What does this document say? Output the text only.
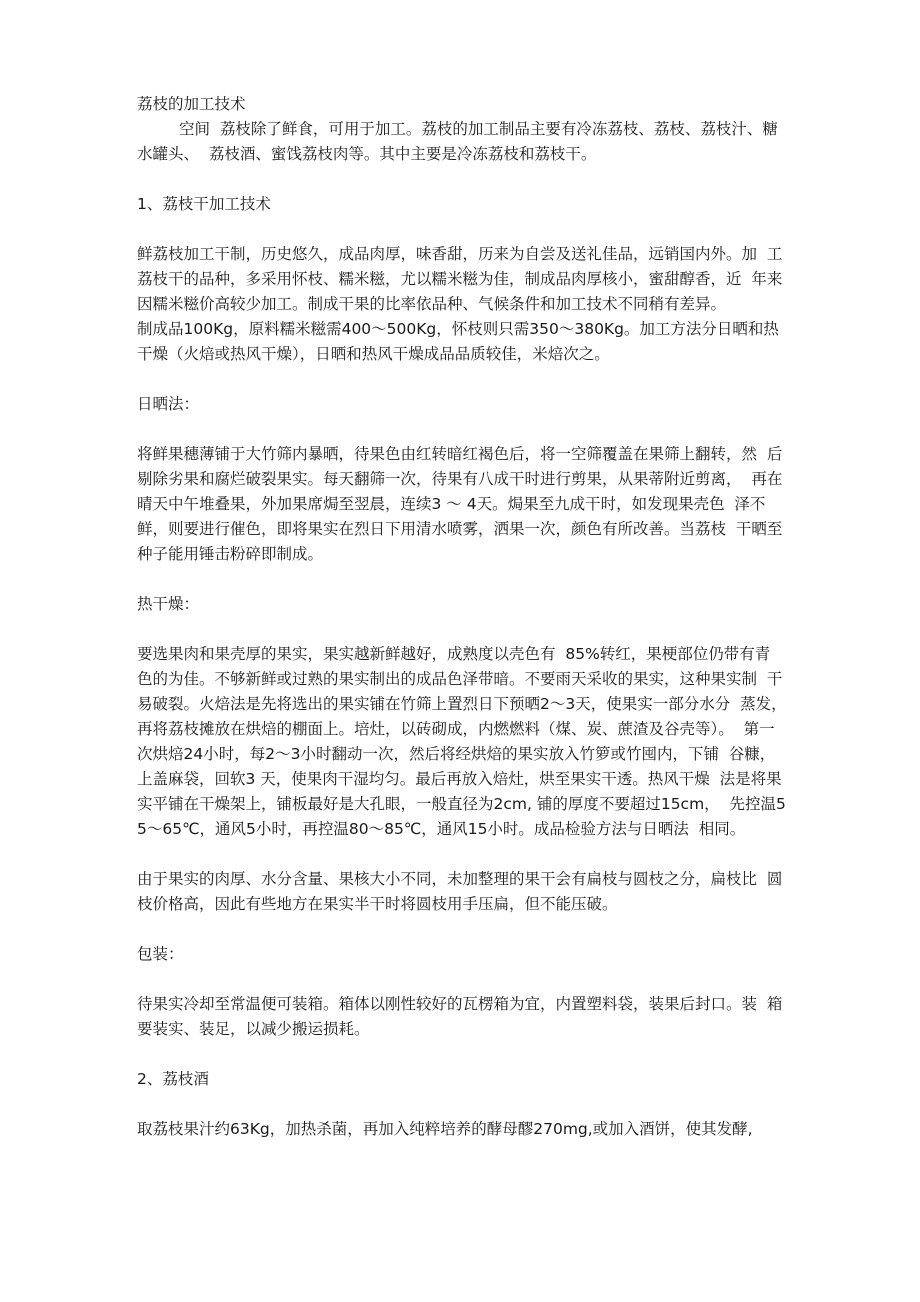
荔枝的加工技术

空间  荔枝除了鲜食，可用于加工。荔枝的加工制品主要有冷冻荔枝、荔枝、荔枝汁、糖水罐头、  荔枝酒、蜜饯荔枝肉等。其中主要是冷冻荔枝和荔枝干。

1、荔枝干加工技术

鲜荔枝加工干制，历史悠久，成品肉厚，味香甜，历来为自尝及送礼佳品，远销国内外。加  工荔枝干的品种，多采用怀枝、糯米糍，尤以糯米糍为佳，制成品肉厚核小，蜜甜醇香，近  年来因糯米糍价高较少加工。制成干果的比率依品种、气候条件和加工技术不同稍有差异。

制成品100Kg，原料糯米糍需400～500Kg，怀枝则只需350～380Kg。加工方法分日晒和热  干燥（火焙或热风干燥），日晒和热风干燥成品品质较佳，米焙次之。

日晒法：

将鲜果穗薄铺于大竹筛内暴晒，待果色由红转暗红褐色后，将一空筛覆盖在果筛上翻转，然  后剔除劣果和腐烂破裂果实。每天翻筛一次，待果有八成干时进行剪果，从果蒂附近剪离，  再在晴天中午堆叠果，外加果席焗至翌晨，连续3 ～ 4天。焗果至九成干时，如发现果壳色  泽不鲜，则要进行催色，即将果实在烈日下用清水喷雾，洒果一次，颜色有所改善。当荔枝  干晒至种子能用锤击粉碎即制成。

热干燥：

要选果肉和果壳厚的果实，果实越新鲜越好，成熟度以壳色有  85%转红，果梗部位仍带有青  色的为佳。不够新鲜或过熟的果实制出的成品色泽带暗。不要雨天采收的果实，这种果实制  干易破裂。火焙法是先将选出的果实铺在竹筛上置烈日下预晒2～3天，使果实一部分水分  蒸发，再将荔枝摊放在烘焙的棚面上。培灶，以砖砌成，内燃燃料（煤、炭、蔗渣及谷壳等）。  第一次烘焙24小时，每2～3小时翻动一次，然后将经烘焙的果实放入竹箩或竹囤内，下铺  谷糠，上盖麻袋，回软3 天，使果肉干湿均匀。最后再放入焙灶，烘至果实干透。热风干燥  法是将果实平铺在干燥架上，铺板最好是大孔眼，一般直径为2cm, 铺的厚度不要超过15cm，  先控温55～65℃，通风5小时，再控温80～85℃，通风15小时。成品检验方法与日晒法  相同。

由于果实的肉厚、水分含量、果核大小不同，未加整理的果干会有扁枝与圆枝之分，扁枝比  圆枝价格高，因此有些地方在果实半干时将圆枝用手压扁，但不能压破。

包装：

待果实冷却至常温便可装箱。箱体以刚性较好的瓦楞箱为宜，内置塑料袋，装果后封口。装  箱要装实、装足，以减少搬运损耗。

2、荔枝酒

取荔枝果汁约63Kg，加热杀菌，再加入纯粹培养的酵母醪270mg,或加入酒饼，使其发酵,
